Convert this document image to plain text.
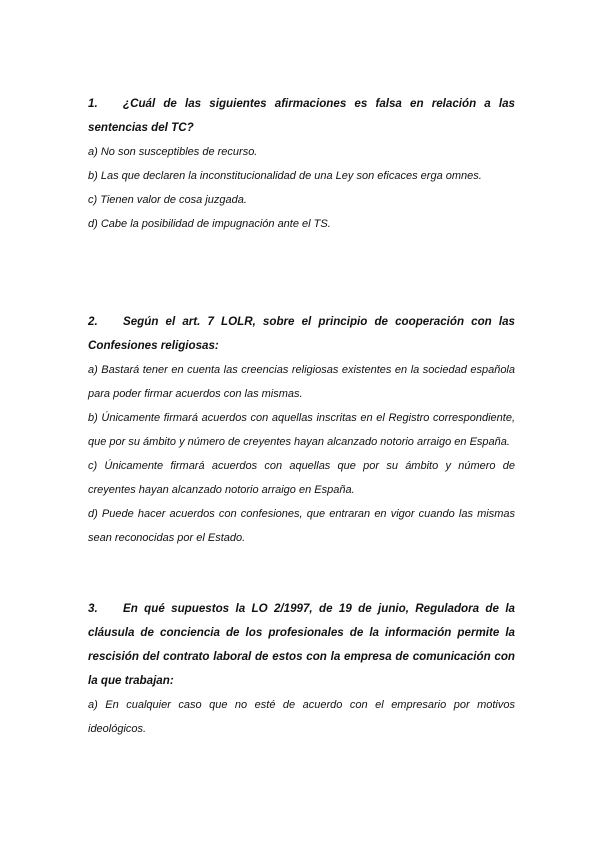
1. ¿Cuál de las siguientes afirmaciones es falsa en relación a las sentencias del TC?

a) No son susceptibles de recurso.

b) Las que declaren la inconstitucionalidad de una Ley son eficaces erga omnes.

c) Tienen valor de cosa juzgada.

d) Cabe la posibilidad de impugnación ante el TS.

2. Según el art. 7 LOLR, sobre el principio de cooperación con las Confesiones religiosas:

a) Bastará tener en cuenta las creencias religiosas existentes en la sociedad española para poder firmar acuerdos con las mismas.

b) Únicamente firmará acuerdos con aquellas inscritas en el Registro correspondiente, que por su ámbito y número de creyentes hayan alcanzado notorio arraigo en España.

c) Únicamente firmará acuerdos con aquellas que por su ámbito y número de creyentes hayan alcanzado notorio arraigo en España.

d) Puede hacer acuerdos con confesiones, que entraran en vigor cuando las mismas sean reconocidas por el Estado.

3. En qué supuestos la LO 2/1997, de 19 de junio, Reguladora de la cláusula de conciencia de los profesionales de la información permite la rescisión del contrato laboral de estos con la empresa de comunicación con la que trabajan:

a) En cualquier caso que no esté de acuerdo con el empresario por motivos ideológicos.
